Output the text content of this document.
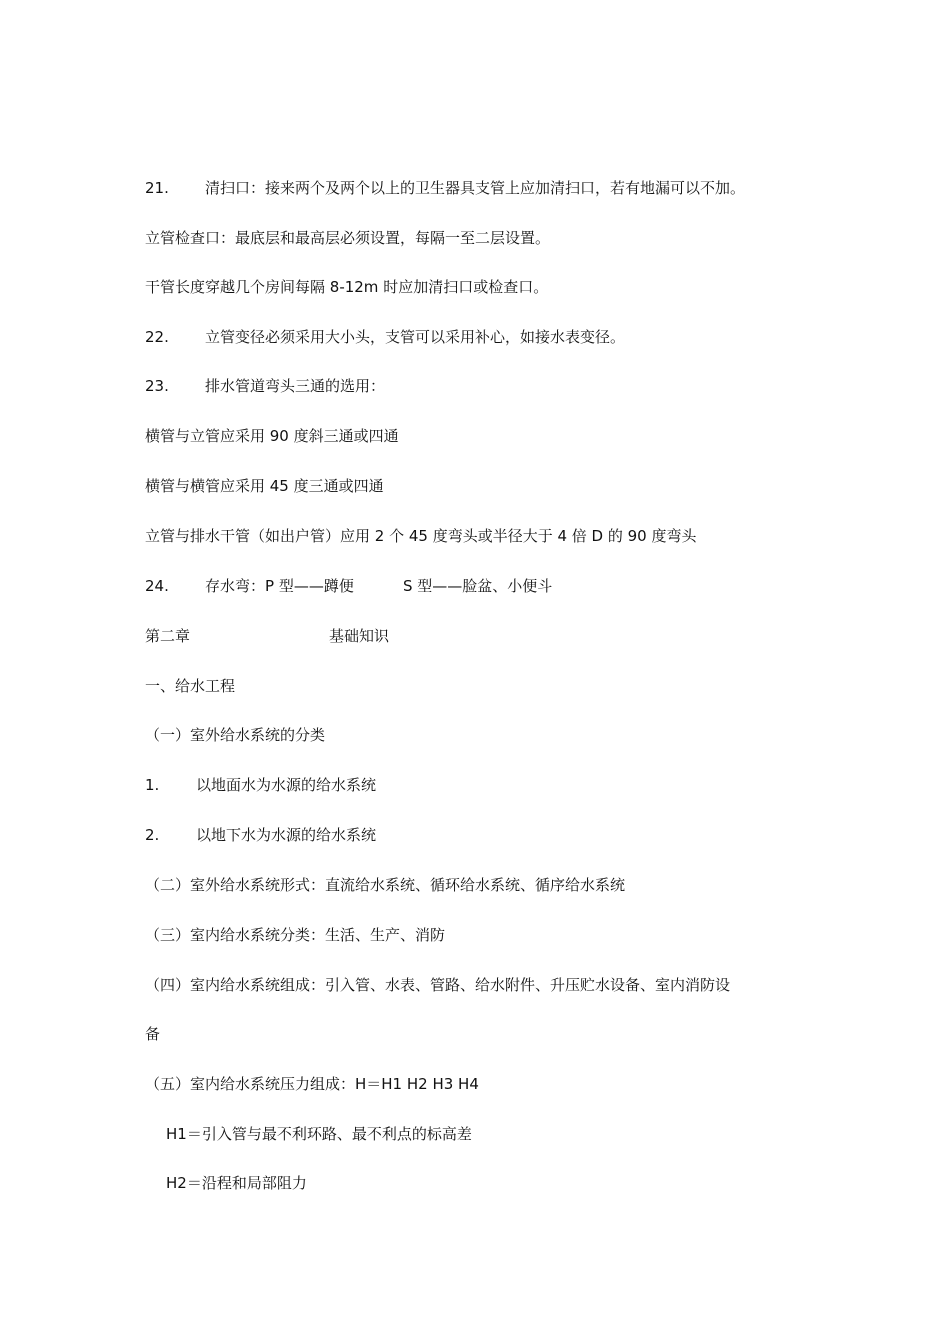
21. 清扫口：接来两个及两个以上的卫生器具支管上应加清扫口，若有地漏可以不加。
立管检查口：最底层和最高层必须设置，每隔一至二层设置。
干管长度穿越几个房间每隔 8-12m 时应加清扫口或检查口。
22. 立管变径必须采用大小头，支管可以采用补心，如接水表变径。
23. 排水管道弯头三通的选用：
横管与立管应采用 90 度斜三通或四通
横管与横管应采用 45 度三通或四通
立管与排水干管（如出户管）应用 2 个 45 度弯头或半径大于 4 倍 D 的 90 度弯头
24. 存水弯：P 型——蹲便	S 型——脸盆、小便斗
第二章	基础知识
一、给水工程
（一）室外给水系统的分类
1. 以地面水为水源的给水系统
2. 以地下水为水源的给水系统
（二）室外给水系统形式：直流给水系统、循环给水系统、循序给水系统
（三）室内给水系统分类：生活、生产、消防
（四）室内给水系统组成：引入管、水表、管路、给水附件、升压贮水设备、室内消防设
备
（五）室内给水系统压力组成：H＝H1 H2 H3 H4
H1＝引入管与最不利环路、最不利点的标高差
H2＝沿程和局部阻力
